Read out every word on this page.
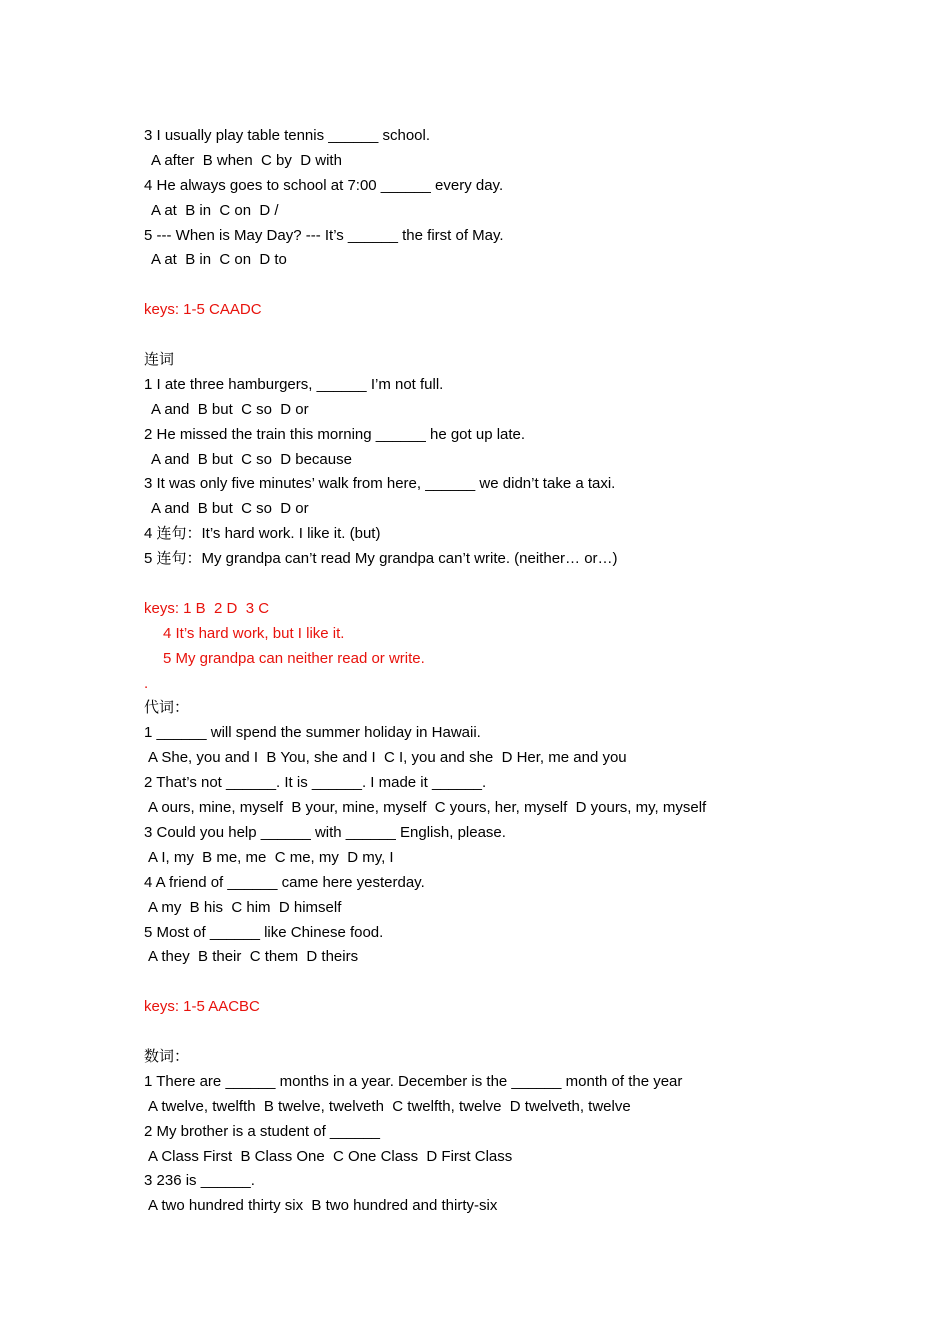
3 I usually play table tennis ______ school.
A after  B when  C by  D with
4 He always goes to school at 7:00 ______ every day.
A at  B in  C on  D /
5 --- When is May Day? --- It’s ______ the first of May.
A at  B in  C on  D to
keys: 1-5 CAADC
连词
1 I ate three hamburgers, ______ I’m not full.
A and  B but  C so  D or
2 He missed the train this morning ______ he got up late.
A and  B but  C so  D because
3 It was only five minutes’ walk from here, ______ we didn’t take a taxi.
A and  B but  C so  D or
4 连句：It’s hard work. I like it. (but)
5 连句：My grandpa can’t read My grandpa can’t write. (neither… or…)
keys: 1 B  2 D  3 C
4 It’s hard work, but I like it.
5 My grandpa can neither read or write.
.
代词：
1 ______ will spend the summer holiday in Hawaii.
A She, you and I  B You, she and I  C I, you and she  D Her, me and you
2 That’s not ______. It is ______. I made it ______.
A ours, mine, myself  B your, mine, myself  C yours, her, myself  D yours, my, myself
3 Could you help ______ with ______ English, please.
A I, my  B me, me  C me, my  D my, I
4 A friend of ______ came here yesterday.
A my  B his  C him  D himself
5 Most of ______ like Chinese food.
A they  B their  C them  D theirs
keys: 1-5 AACBC
数词：
1 There are ______ months in a year. December is the ______ month of the year
A twelve, twelfth  B twelve, twelveth  C twelfth, twelve  D twelveth, twelve
2 My brother is a student of ______
A Class First  B Class One  C One Class  D First Class
3 236 is ______.
A two hundred thirty six  B two hundred and thirty-six
